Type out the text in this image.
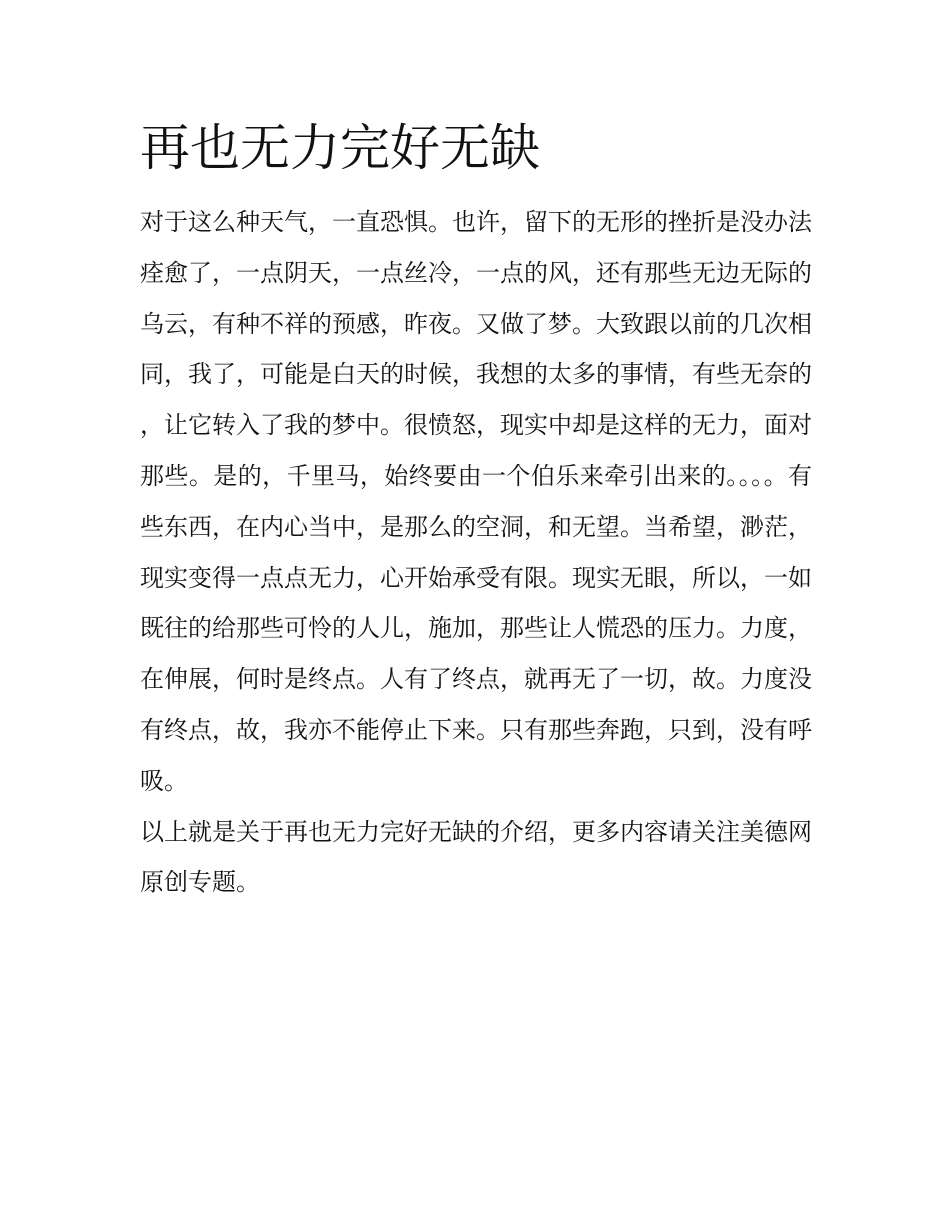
再也无力完好无缺

对于这么种天气，一直恐惧。也许，留下的无形的挫折是没办法痊愈了，一点阴天，一点丝冷，一点的风，还有那些无边无际的乌云，有种不祥的预感，昨夜。又做了梦。大致跟以前的几次相同，我了，可能是白天的时候，我想的太多的事情，有些无奈的，让它转入了我的梦中。很愤怒，现实中却是这样的无力，面对那些。是的，千里马，始终要由一个伯乐来牵引出来的。。。。有些东西，在内心当中，是那么的空洞，和无望。当希望，渺茫，现实变得一点点无力，心开始承受有限。现实无眼，所以，一如既往的给那些可怜的人儿，施加，那些让人慌恐的压力。力度，在伸展，何时是终点。人有了终点，就再无了一切，故。力度没有终点，故，我亦不能停止下来。只有那些奔跑，只到，没有呼吸。

以上就是关于再也无力完好无缺的介绍，更多内容请关注美德网原创专题。
